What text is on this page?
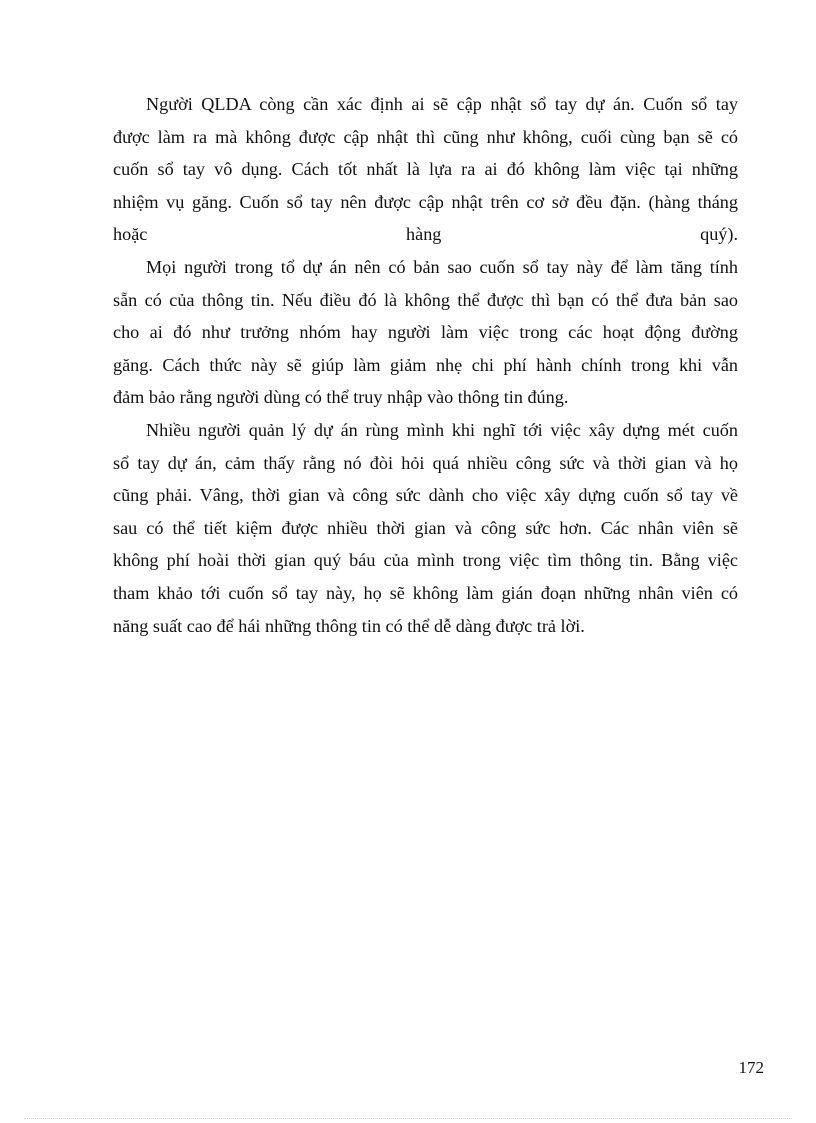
Người QLDA còng cần xác định ai sẽ cập nhật sổ tay dự án. Cuốn sổ tay
được làm ra mà không được cập nhật thì cũng như không, cuối cùng bạn sẽ có
cuốn sổ tay vô dụng. Cách tốt nhất là lựa ra ai đó không làm việc tại những
nhiệm vụ găng. Cuốn sổ tay nên được cập nhật trên cơ sở đều đặn. (hàng tháng
hoặc                                   hàng                                   quý).
Mọi người trong tổ dự án nên có bản sao cuốn sổ tay này để làm tăng tính
sẵn có của thông tin. Nếu điều đó là không thể được thì bạn có thể đưa bản sao
cho ai đó như trưởng nhóm hay người làm việc trong các hoạt động đường
găng. Cách thức này sẽ giúp làm giảm nhẹ chi phí hành chính trong khi vẫn
đảm bảo rằng người dùng có thể truy nhập vào thông tin đúng.
Nhiều người quản lý dự án rùng mình khi nghĩ tới việc xây dựng mét cuốn
sổ tay dự án, cảm thấy rằng nó đòi hỏi quá nhiều công sức và thời gian và họ
cũng phải. Vâng, thời gian và công sức dành cho việc xây dựng cuốn sổ tay về
sau có thể tiết kiệm được nhiều thời gian và công sức hơn. Các nhân viên sẽ
không phí hoài thời gian quý báu của mình trong việc tìm thông tin. Bằng việc
tham khảo tới cuốn sổ tay này, họ sẽ không làm gián đoạn những nhân viên có
năng suất cao để hái những thông tin có thể dễ dàng được trả lời.
172
